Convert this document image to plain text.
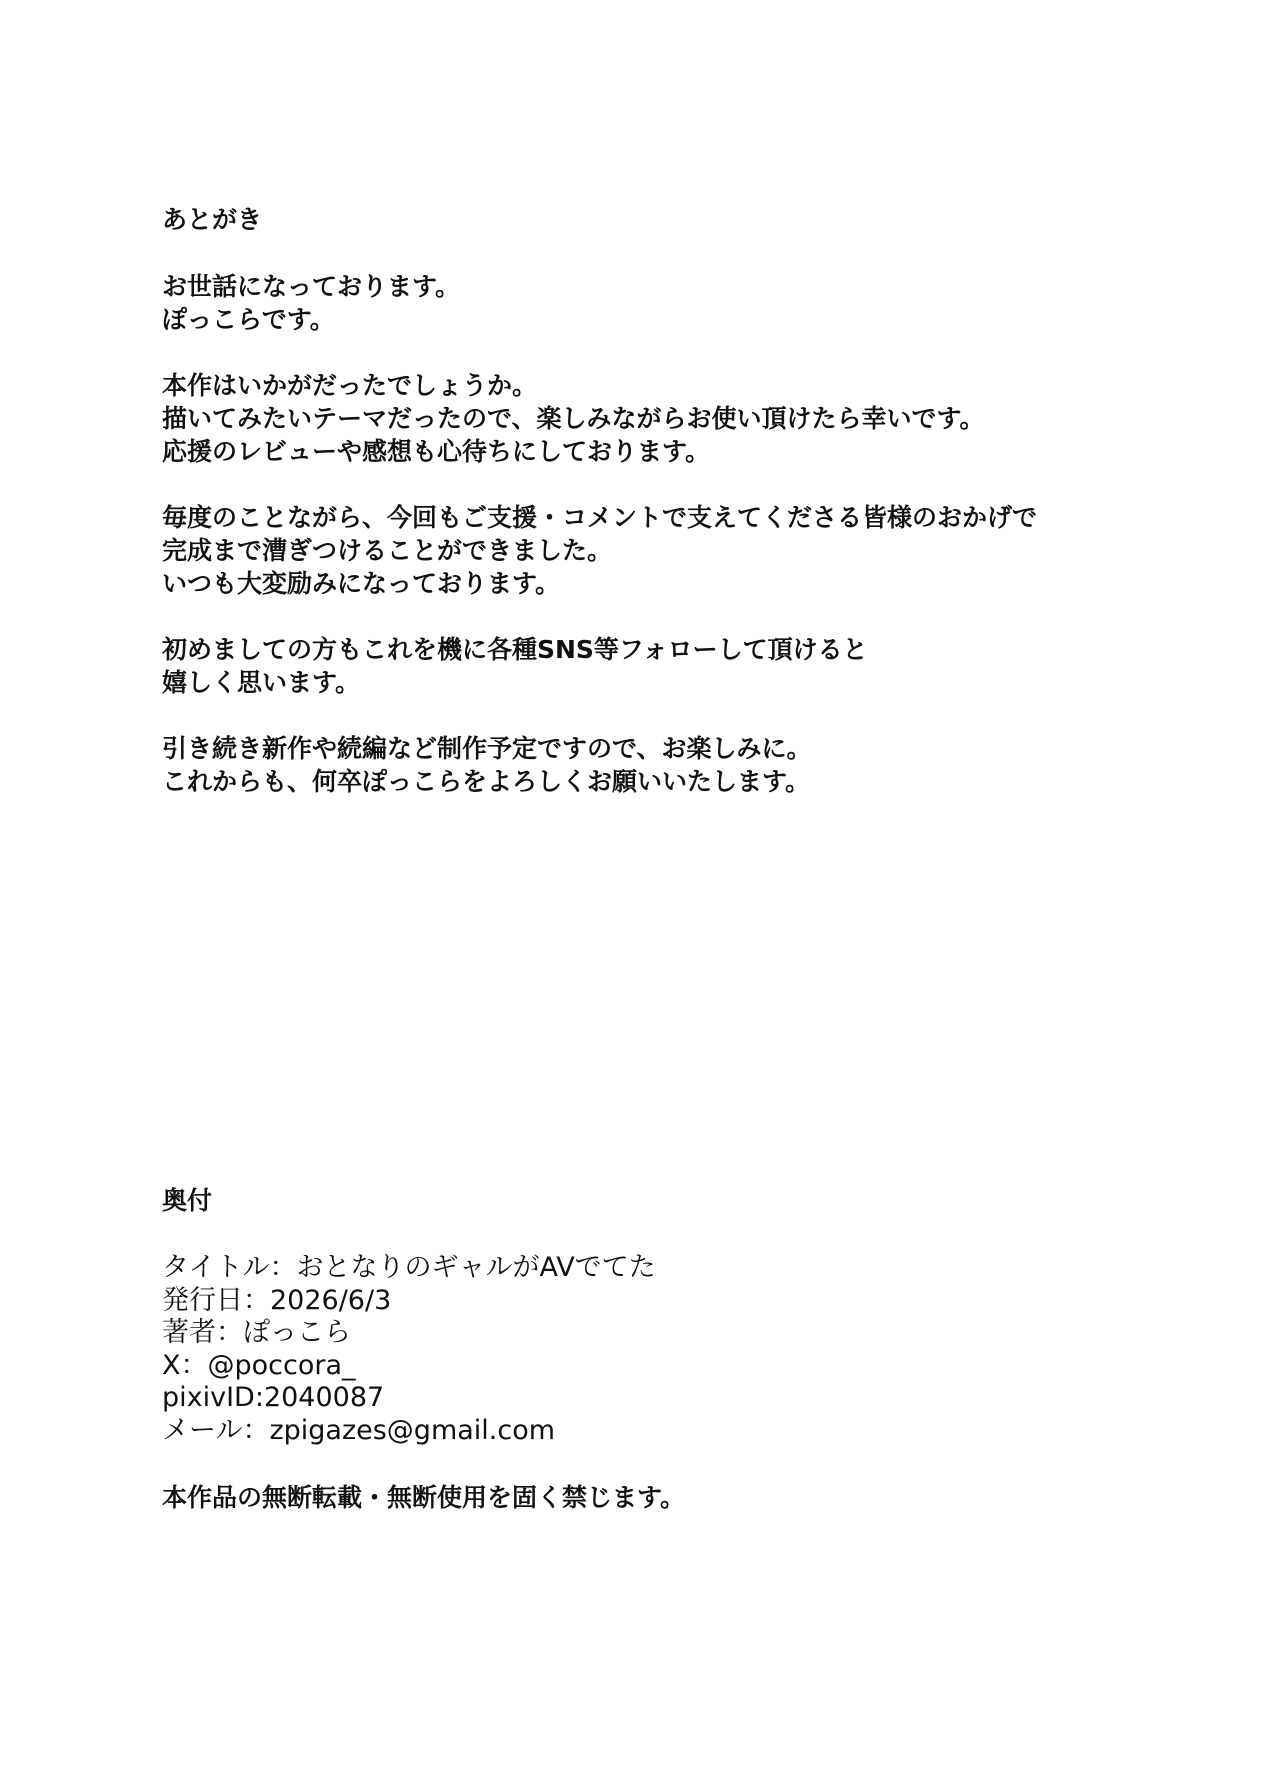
あとがき
お世話になっております。
ぽっこらです。
本作はいかがだったでしょうか。
描いてみたいテーマだったので、楽しみながらお使い頂けたら幸いです。
応援のレビューや感想も心待ちにしております。
毎度のことながら、今回もご支援・コメントで支えてくださる皆様のおかげで
完成まで漕ぎつけることができました。
いつも大変励みになっております。
初めましての方もこれを機に各種SNS等フォローして頂けると
嬉しく思います。
引き続き新作や続編など制作予定ですので、お楽しみに。
これからも、何卒ぽっこらをよろしくお願いいたします。
奥付
タイトル：おとなりのギャルがAVでてた
発行日：2026/6/3
著者：ぽっこら
X：@poccora_
pixivID:2040087
メール：zpigazes@gmail.com
本作品の無断転載・無断使用を固く禁じます。
